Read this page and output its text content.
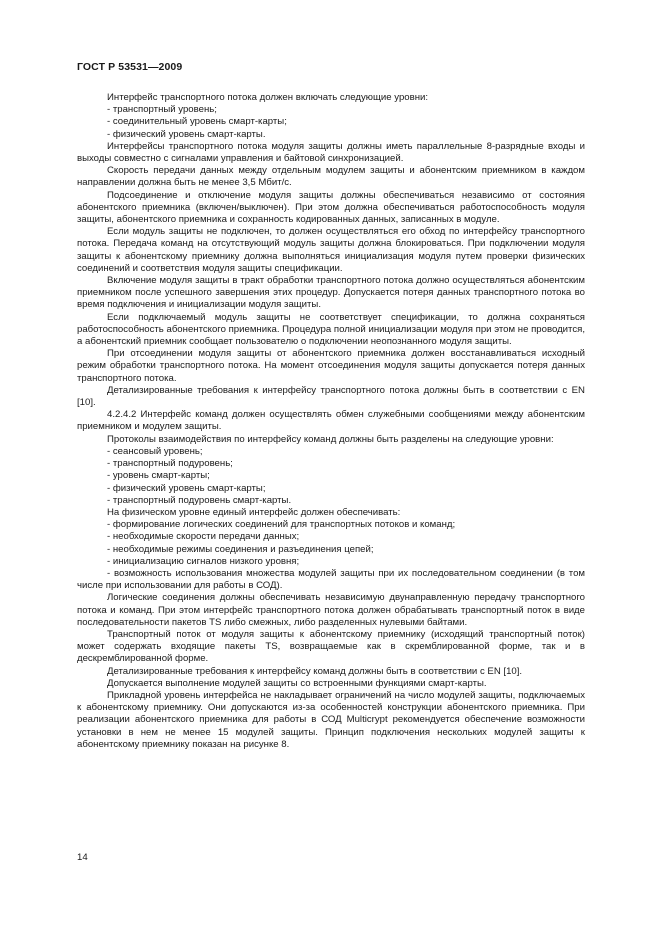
ГОСТ Р 53531—2009

Интерфейс транспортного потока должен включать следующие уровни:

- транспортный уровень;

- соединительный уровень смарт-карты;

- физический уровень смарт-карты.

Интерфейсы транспортного потока модуля защиты должны иметь параллельные 8-разрядные входы и выходы совместно с сигналами управления и байтовой синхронизацией.

Скорость передачи данных между отдельным модулем защиты и абонентским приемником в каждом направлении должна быть не менее 3,5 Мбит/с.

Подсоединение и отключение модуля защиты должны обеспечиваться независимо от состояния абонентского приемника (включен/выключен). При этом должна обеспечиваться работоспособность модуля защиты, абонентского приемника и сохранность кодированных данных, записанных в модуле.

Если модуль защиты не подключен, то должен осуществляться его обход по интерфейсу транспортного потока. Передача команд на отсутствующий модуль защиты должна блокироваться. При подключении модуля защиты к абонентскому приемнику должна выполняться инициализация модуля путем проверки физических соединений и соответствия модуля защиты спецификации.

Включение модуля защиты в тракт обработки транспортного потока должно осуществляться абонентским приемником после успешного завершения этих процедур. Допускается потеря данных транспортного потока во время подключения и инициализации модуля защиты.

Если подключаемый модуль защиты не соответствует спецификации, то должна сохраняться работоспособность абонентского приемника. Процедура полной инициализации модуля при этом не проводится, а абонентский приемник сообщает пользователю о подключении неопознанного модуля защиты.

При отсоединении модуля защиты от абонентского приемника должен восстанавливаться исходный режим обработки транспортного потока. На момент отсоединения модуля защиты допускается потеря данных транспортного потока.

Детализированные требования к интерфейсу транспортного потока должны быть в соответствии с EN [10].

4.2.4.2 Интерфейс команд должен осуществлять обмен служебными сообщениями между абонентским приемником и модулем защиты.

Протоколы взаимодействия по интерфейсу команд должны быть разделены на следующие уровни:

- сеансовый уровень;

- транспортный подуровень;

- уровень смарт-карты;

- физический уровень смарт-карты;

- транспортный подуровень смарт-карты.

На физическом уровне единый интерфейс должен обеспечивать:

- формирование логических соединений для транспортных потоков и команд;

- необходимые скорости передачи данных;

- необходимые режимы соединения и разъединения цепей;

- инициализацию сигналов низкого уровня;

- возможность использования множества модулей защиты при их последовательном соединении (в том числе при использовании для работы в СОД).

Логические соединения должны обеспечивать независимую двунаправленную передачу транспортного потока и команд. При этом интерфейс транспортного потока должен обрабатывать транспортный поток в виде последовательности пакетов TS либо смежных, либо разделенных нулевыми байтами.

Транспортный поток от модуля защиты к абонентскому приемнику (исходящий транспортный поток) может содержать входящие пакеты TS, возвращаемые как в скремблированной форме, так и в дескремблированной форме.

Детализированные требования к интерфейсу команд должны быть в соответствии с EN [10].

Допускается выполнение модулей защиты со встроенными функциями смарт-карты.

Прикладной уровень интерфейса не накладывает ограничений на число модулей защиты, подключаемых к абонентскому приемнику. Они допускаются из-за особенностей конструкции абонентского приемника. При реализации абонентского приемника для работы в СОД Multicrypt рекомендуется обеспечение возможности установки в нем не менее 15 модулей защиты. Принцип подключения нескольких модулей защиты к абонентскому приемнику показан на рисунке 8.

14
